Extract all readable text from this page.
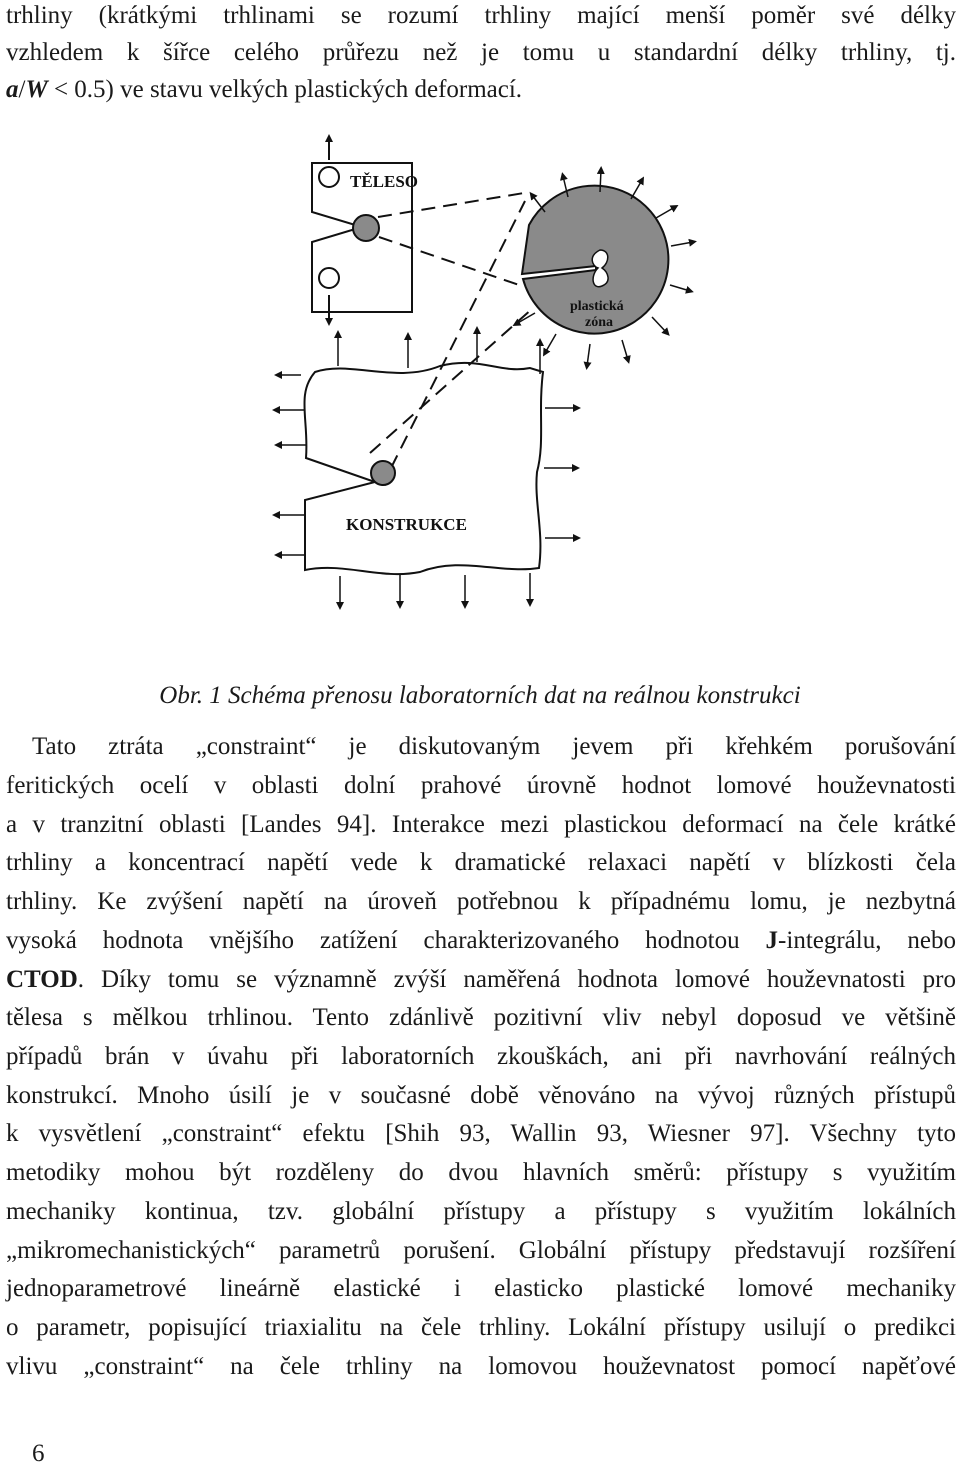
trhliny (krátkými trhlinami se rozumí trhliny mající menší poměr své délky
vzhledem k šířce celého průřezu než je tomu u standardní délky trhliny, tj.
a/W < 0.5) ve stavu velkých plastických deformací.
TĚLESO
plastická
zóna
KONSTRUKCE
Obr. 1 Schéma přenosu laboratorních dat na reálnou konstrukci
Tato ztráta „constraint“ je diskutovaným jevem při křehkém porušování
feritických ocelí v oblasti dolní prahové úrovně hodnot lomové houževnatosti
a v tranzitní oblasti [Landes 94]. Interakce mezi plastickou deformací na čele krátké
trhliny a koncentrací napětí vede k dramatické relaxaci napětí v blízkosti čela
trhliny. Ke zvýšení napětí na úroveň potřebnou k případnému lomu, je nezbytná
vysoká hodnota vnějšího zatížení charakterizovaného hodnotou J-integrálu, nebo
CTOD. Díky tomu se významně zvýší naměřená hodnota lomové houževnatosti pro
tělesa s mělkou trhlinou. Tento zdánlivě pozitivní vliv nebyl doposud ve většině
případů brán v úvahu při laboratorních zkouškách, ani při navrhování reálných
konstrukcí. Mnoho úsilí je v současné době věnováno na vývoj různých přístupů
k vysvětlení „constraint“ efektu [Shih 93, Wallin 93, Wiesner 97]. Všechny tyto
metodiky mohou být rozděleny do dvou hlavních směrů: přístupy s využitím
mechaniky kontinua, tzv. globální přístupy a přístupy s využitím lokálních
„mikromechanistických“ parametrů porušení. Globální přístupy představují rozšíření
jednoparametrové lineárně elastické i elasticko plastické lomové mechaniky
o parametr, popisující triaxialitu na čele trhliny. Lokální přístupy usilují o predikci
vlivu „constraint“ na čele trhliny na lomovou houževnatost pomocí napěťové
6
